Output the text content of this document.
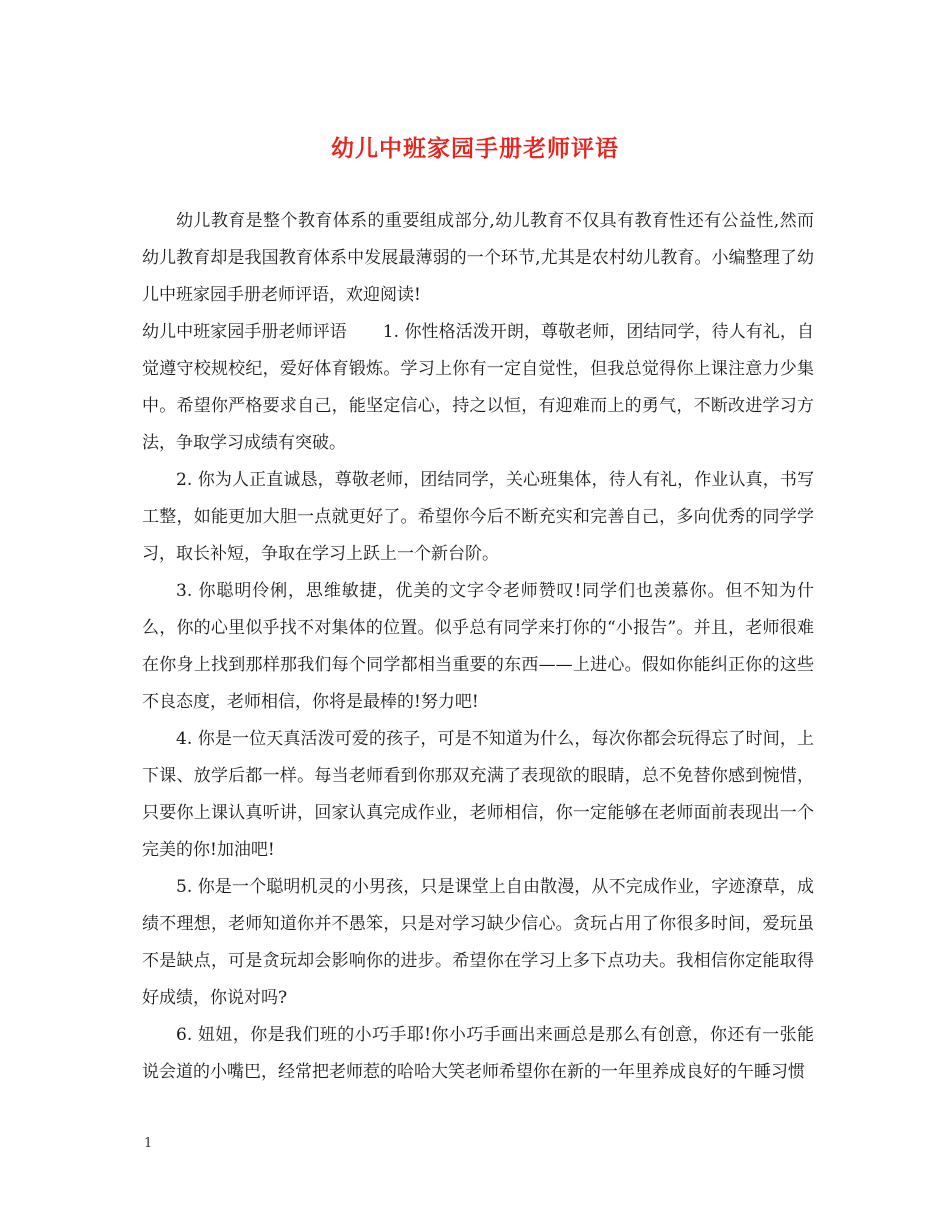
幼儿中班家园手册老师评语

幼儿教育是整个教育体系的重要组成部分,幼儿教育不仅具有教育性还有公益性,然而幼儿教育却是我国教育体系中发展最薄弱的一个环节,尤其是农村幼儿教育。小编整理了幼儿中班家园手册老师评语，欢迎阅读!

幼儿中班家园手册老师评语 1. 你性格活泼开朗，尊敬老师，团结同学，待人有礼，自觉遵守校规校纪，爱好体育锻炼。学习上你有一定自觉性，但我总觉得你上课注意力少集中。希望你严格要求自己，能坚定信心，持之以恒，有迎难而上的勇气，不断改进学习方法，争取学习成绩有突破。

2. 你为人正直诚恳，尊敬老师，团结同学，关心班集体，待人有礼，作业认真，书写工整，如能更加大胆一点就更好了。希望你今后不断充实和完善自己，多向优秀的同学学习，取长补短，争取在学习上跃上一个新台阶。

3. 你聪明伶俐，思维敏捷，优美的文字令老师赞叹!同学们也羡慕你。但不知为什么，你的心里似乎找不对集体的位置。似乎总有同学来打你的“小报告”。并且，老师很难在你身上找到那样那我们每个同学都相当重要的东西——上进心。假如你能纠正你的这些不良态度，老师相信，你将是最棒的!努力吧!

4. 你是一位天真活泼可爱的孩子，可是不知道为什么，每次你都会玩得忘了时间，上下课、放学后都一样。每当老师看到你那双充满了表现欲的眼睛，总不免替你感到惋惜，只要你上课认真听讲，回家认真完成作业，老师相信，你一定能够在老师面前表现出一个完美的你!加油吧!

5. 你是一个聪明机灵的小男孩，只是课堂上自由散漫，从不完成作业，字迹潦草，成绩不理想，老师知道你并不愚笨，只是对学习缺少信心。贪玩占用了你很多时间，爱玩虽不是缺点，可是贪玩却会影响你的进步。希望你在学习上多下点功夫。我相信你定能取得好成绩，你说对吗?

6. 妞妞，你是我们班的小巧手耶!你小巧手画出来画总是那么有创意，你还有一张能说会道的小嘴巴，经常把老师惹的哈哈大笑老师希望你在新的一年里养成良好的午睡习惯

1
